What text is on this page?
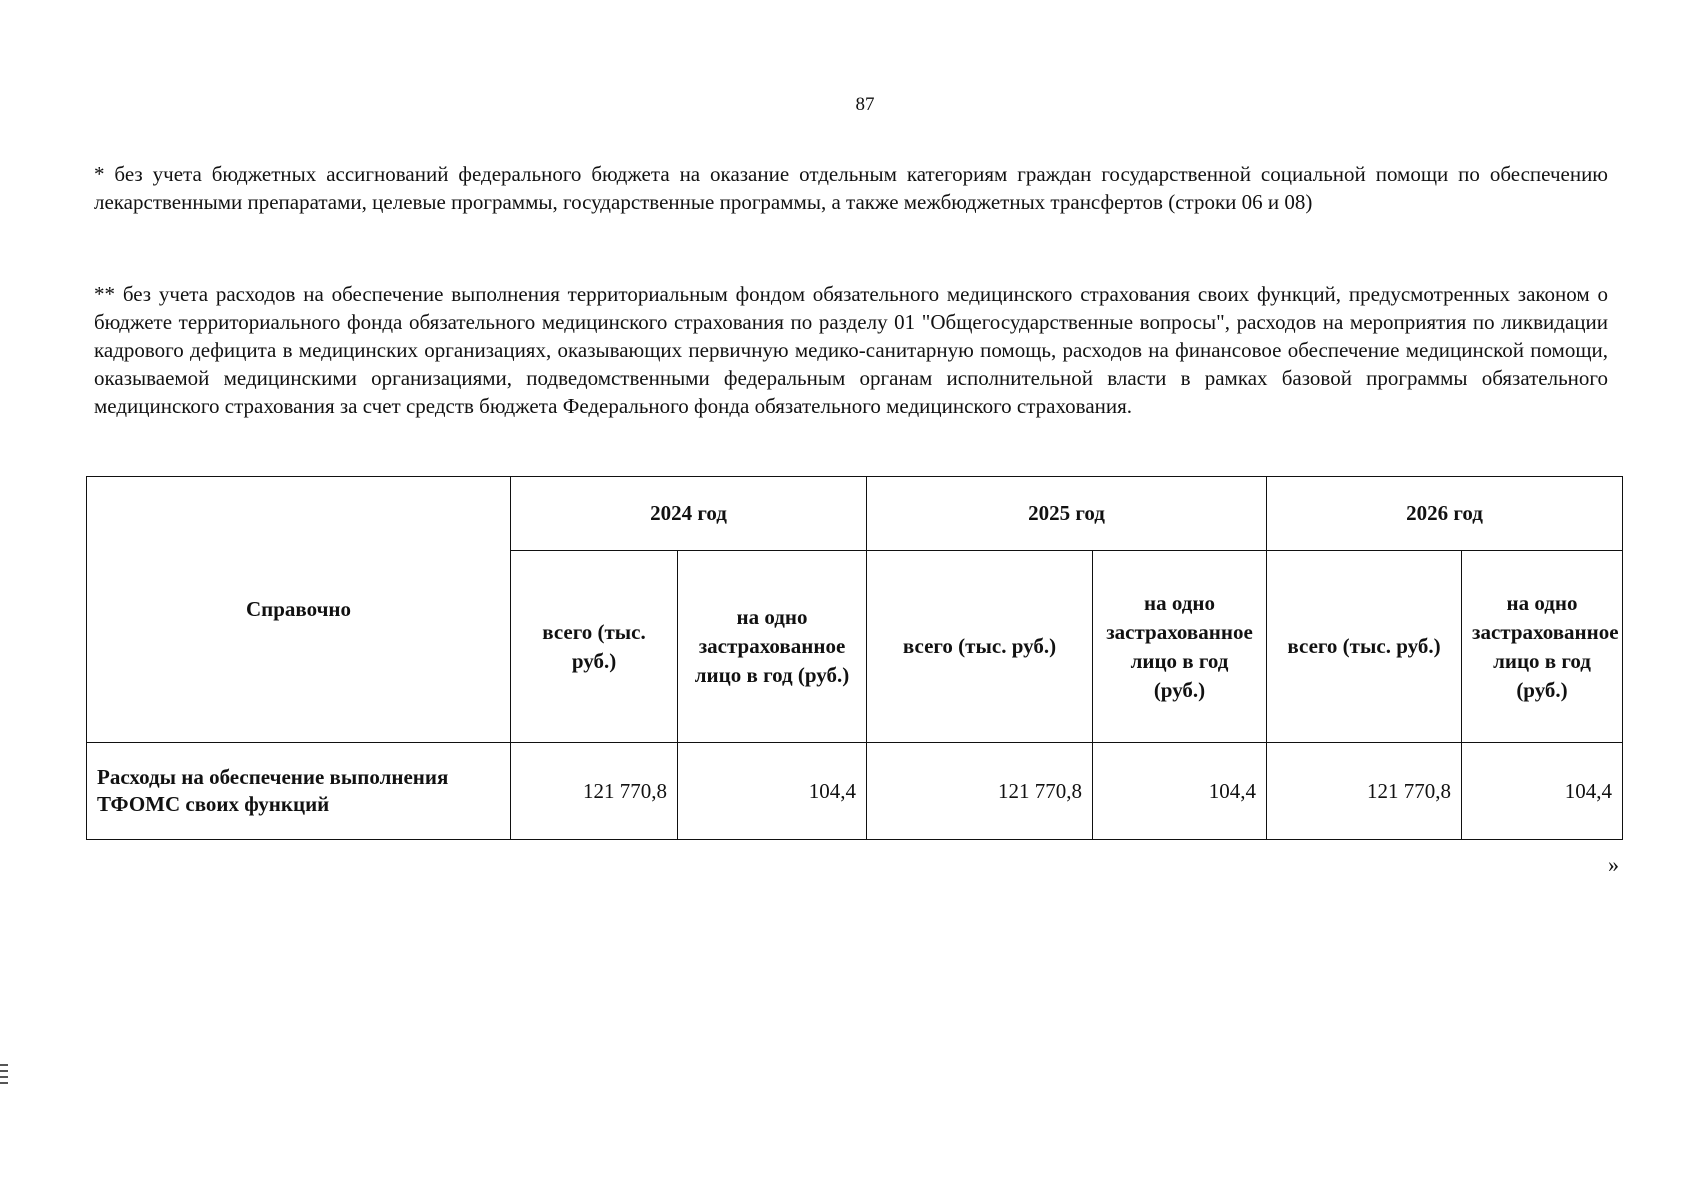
87

* без учета бюджетных ассигнований федерального бюджета на оказание отдельным категориям граждан государственной социальной помощи по обеспечению лекарственными препаратами, целевые программы, государственные программы, а также межбюджетных трансфертов (строки 06 и 08)

** без учета расходов на обеспечение выполнения территориальным фондом обязательного медицинского страхования своих функций, предусмотренных законом о бюджете территориального фонда обязательного медицинского страхования по разделу 01 "Общегосударственные вопросы", расходов на мероприятия по ликвидации кадрового дефицита в медицинских организациях, оказывающих первичную медико-санитарную помощь, расходов на финансовое обеспечение медицинской помощи, оказываемой медицинскими организациями, подведомственными федеральным органам исполнительной власти в рамках базовой программы обязательного медицинского страхования за счет средств бюджета Федерального фонда обязательного медицинского страхования.

Справочно	2024 год		2025 год		2026 год	
	всего (тыс. руб.)	на одно застрахованное лицо в год (руб.)	всего (тыс. руб.)	на одно застрахованное лицо в год (руб.)	всего (тыс. руб.)	на одно застрахованное лицо в год (руб.)
Расходы на обеспечение выполнения ТФОМС своих функций	121 770,8	104,4	121 770,8	104,4	121 770,8	104,4
»
